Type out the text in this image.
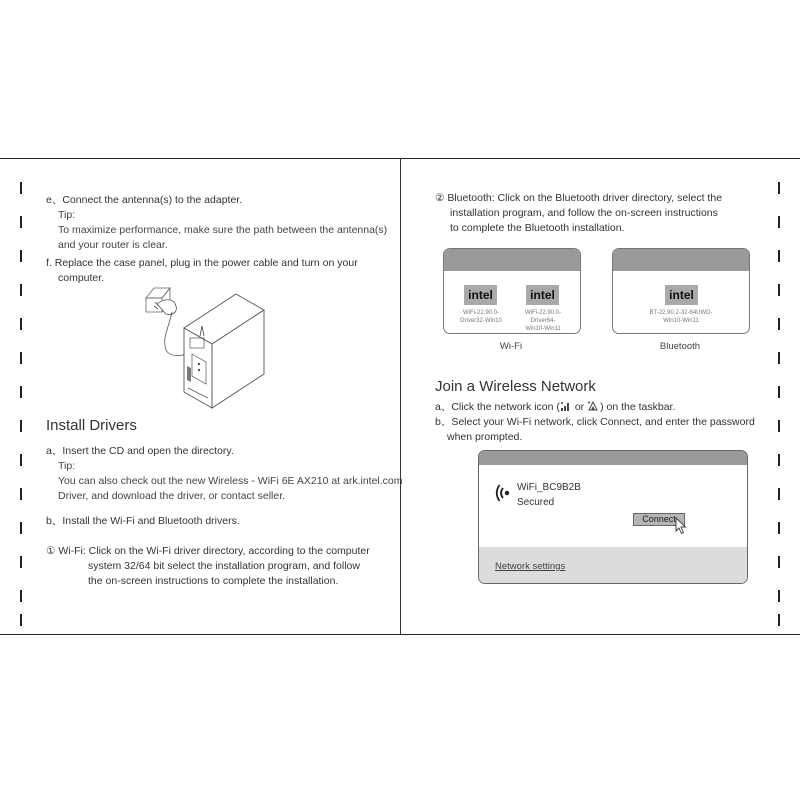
e、Connect the antenna(s) to the adapter.
Tip:
To maximize performance, make sure the path between the antenna(s)
and your router is clear.
f. Replace the case panel, plug in the power cable and turn on your
computer.
Install Drivers
a、Insert the CD and open the directory.
Tip:
You can also check out the new Wireless - WiFi 6E AX210 at ark.intel.com
Driver, and download the driver, or contact seller.
b、Install the Wi-Fi and Bluetooth drivers.
① Wi-Fi: Click on the Wi-Fi driver directory, according to the computer
system 32/64 bit select the installation program, and follow
the on-screen instructions to complete the installation.
② Bluetooth: Click on the Bluetooth driver directory, select the
installation program, and follow the on-screen instructions
to complete the Bluetooth installation.
intel
WiFi-22.90.0-
Driver32-Win10
intel
WiFi-22.90.0-
Driver64-
Win10-Win11
Wi-Fi
intel
BT-22.90.2-32-64UWD-
Win10-Win11
Bluetooth
Join a Wireless Network
a、Click the network icon ( or ) on the taskbar.
b、Select your Wi-Fi network, click Connect, and enter the password
when prompted.
WiFi_BC9B2B
Secured
Connect
Network settings
